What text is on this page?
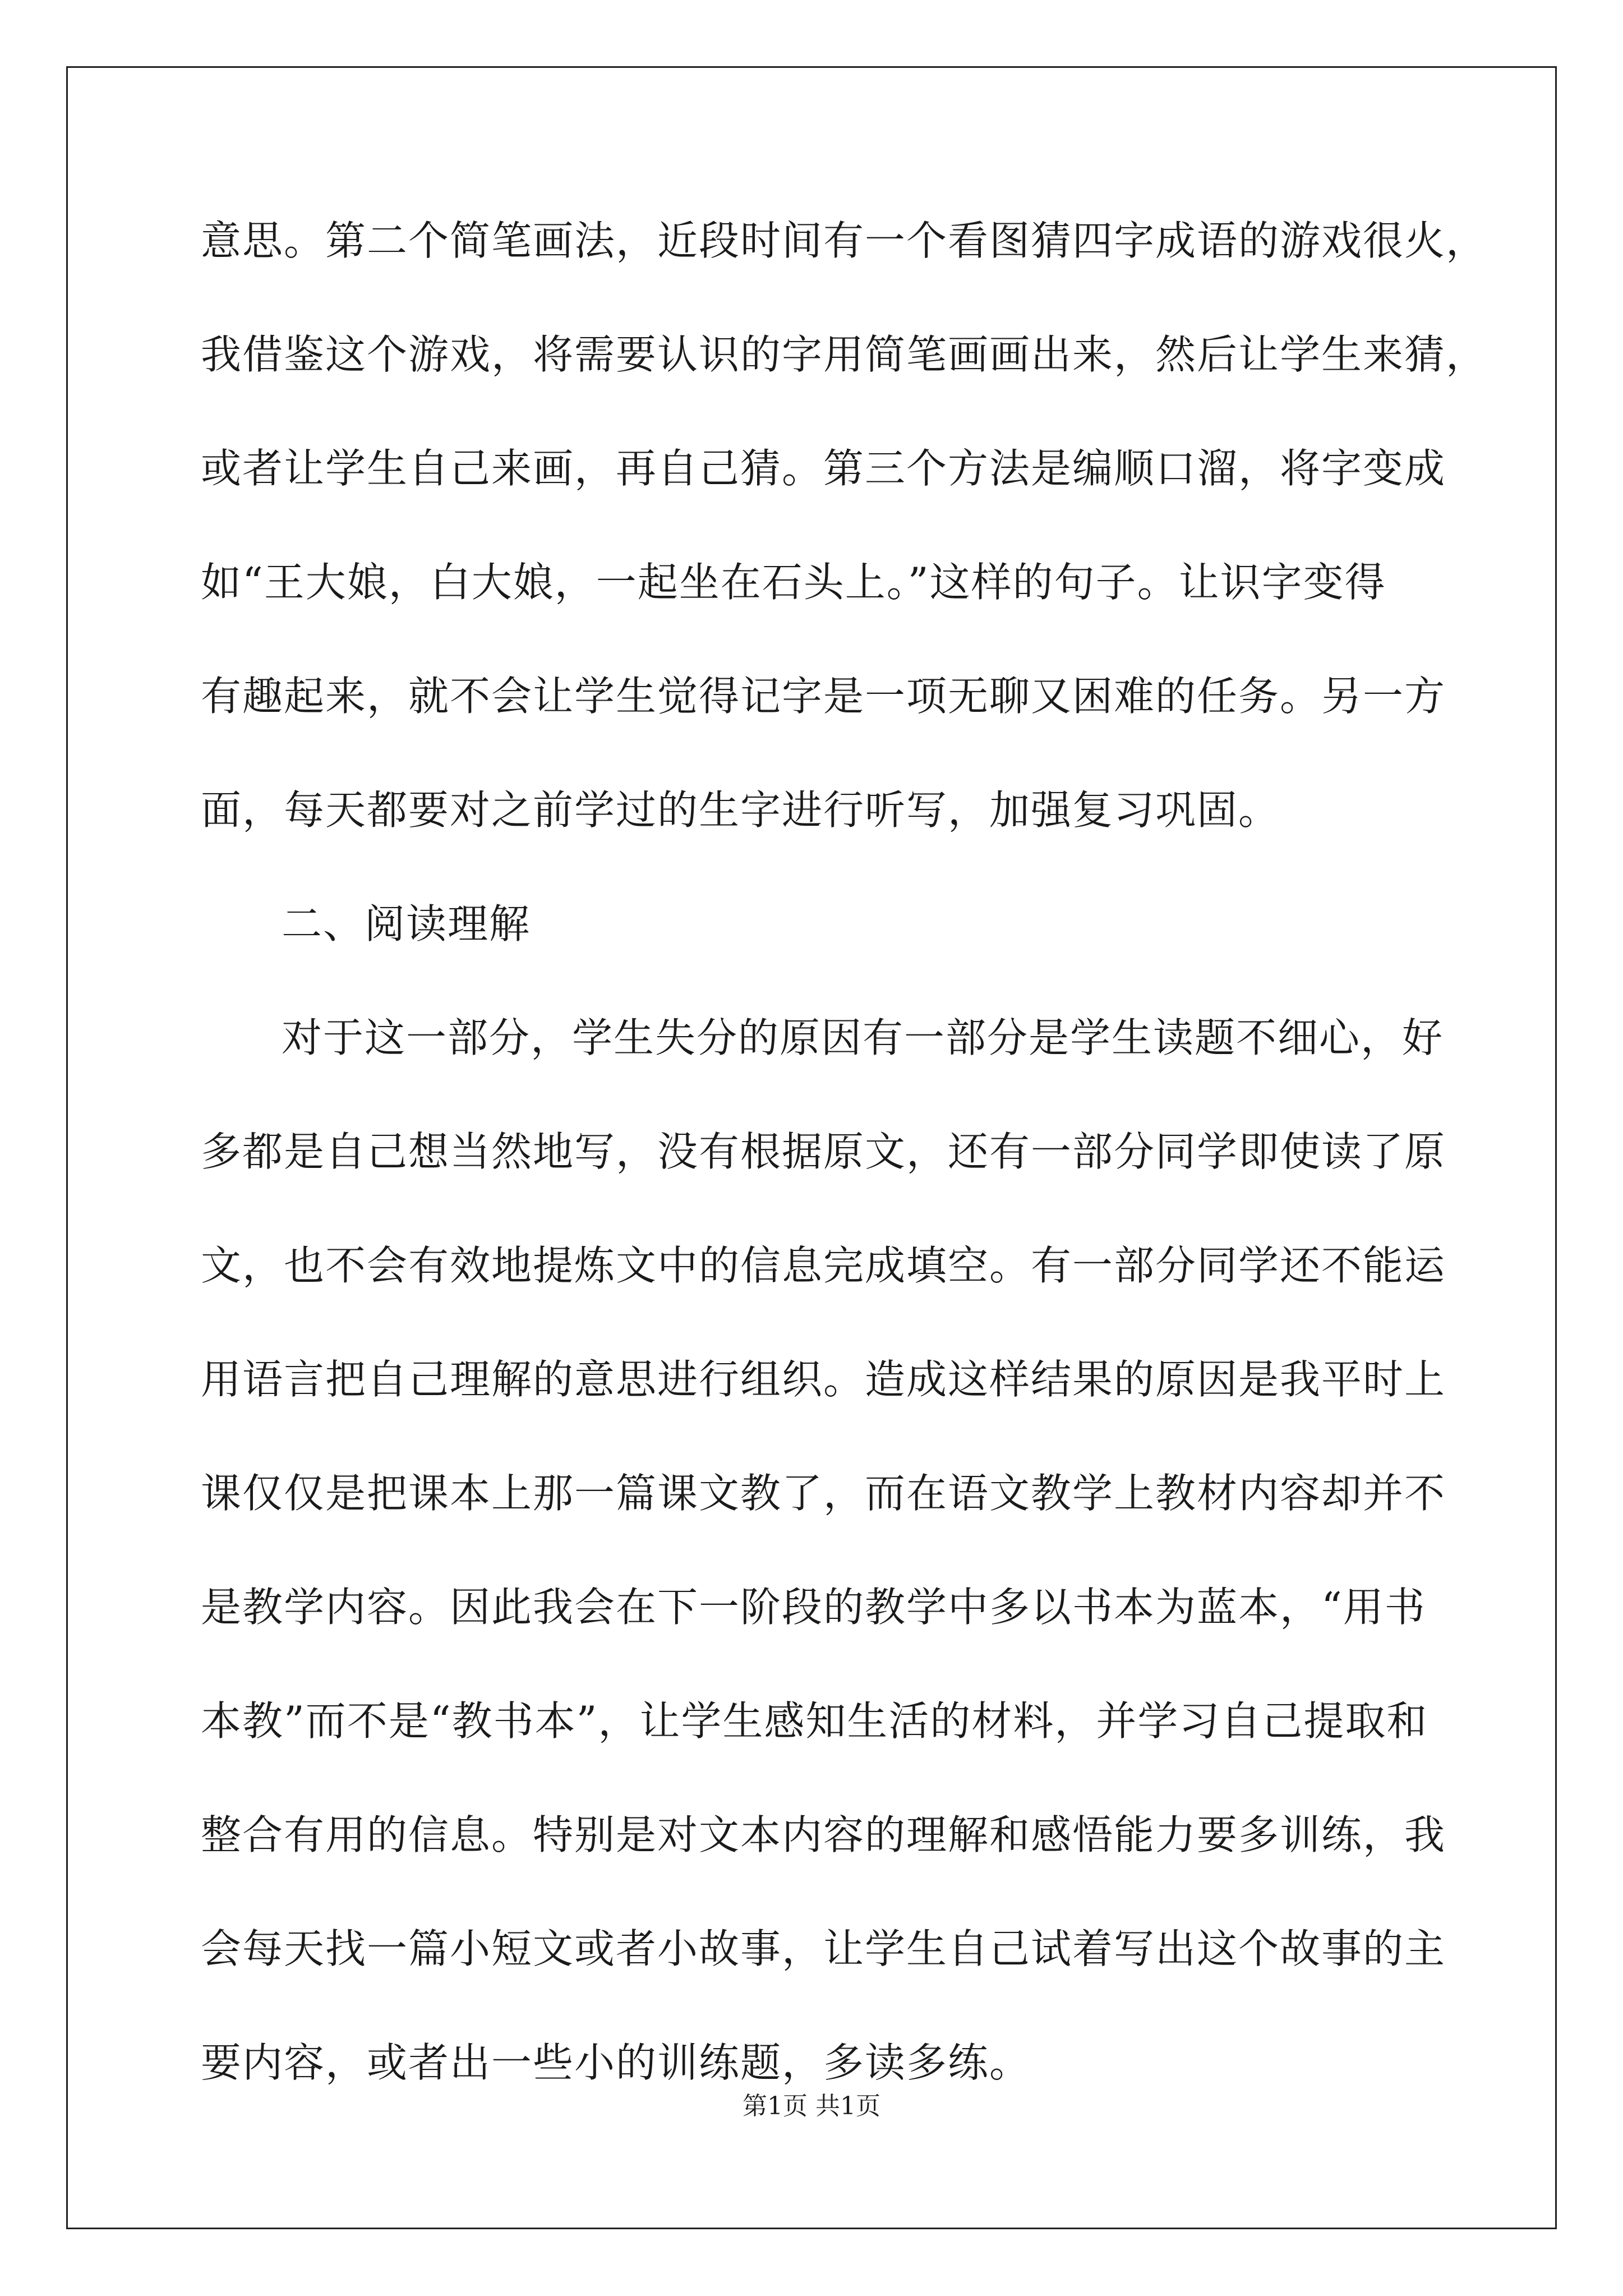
意思。第二个简笔画法，近段时间有一个看图猜四字成语的游戏很火，
我借鉴这个游戏，将需要认识的字用简笔画画出来，然后让学生来猜，
或者让学生自己来画，再自己猜。第三个方法是编顺口溜，将字变成
如“王大娘，白大娘，一起坐在石头上。”这样的句子。让识字变得
有趣起来，就不会让学生觉得记字是一项无聊又困难的任务。另一方
面，每天都要对之前学过的生字进行听写，加强复习巩固。
二、阅读理解
对于这一部分，学生失分的原因有一部分是学生读题不细心，好
多都是自己想当然地写，没有根据原文，还有一部分同学即使读了原
文，也不会有效地提炼文中的信息完成填空。有一部分同学还不能运
用语言把自己理解的意思进行组织。造成这样结果的原因是我平时上
课仅仅是把课本上那一篇课文教了，而在语文教学上教材内容却并不
是教学内容。因此我会在下一阶段的教学中多以书本为蓝本，“用书
本教”而不是“教书本”，让学生感知生活的材料，并学习自己提取和
整合有用的信息。特别是对文本内容的理解和感悟能力要多训练，我
会每天找一篇小短文或者小故事，让学生自己试着写出这个故事的主
要内容，或者出一些小的训练题，多读多练。
第1页 共1页
